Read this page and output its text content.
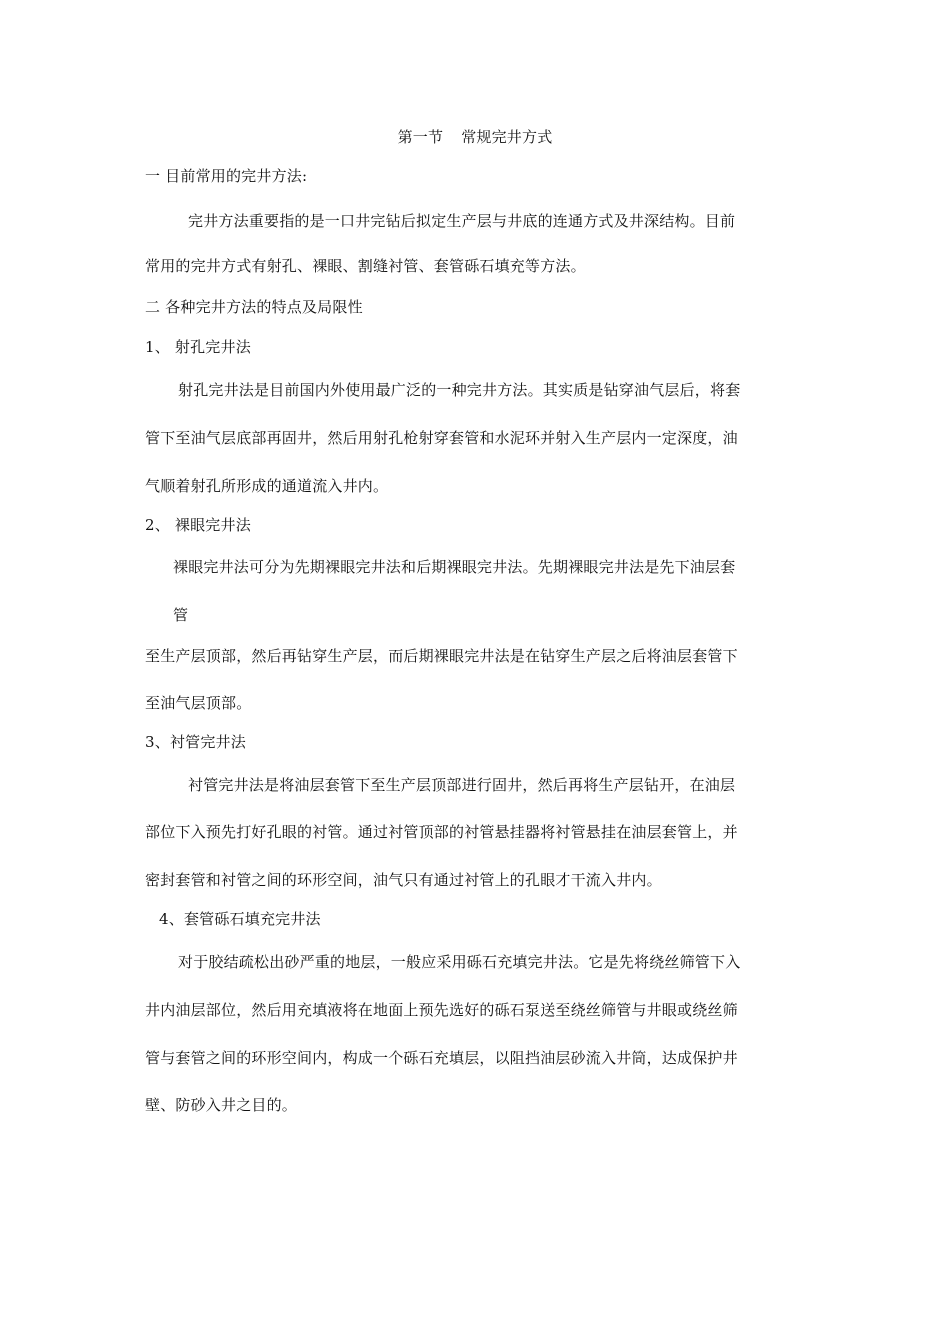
第一节 常规完井方式
一 目前常用的完井方法:
完井方法重要指的是一口井完钻后拟定生产层与井底的连通方式及井深结构。目前
常用的完井方式有射孔、裸眼、割缝衬管、套管砾石填充等方法。
二 各种完井方法的特点及局限性
1、 射孔完井法
射孔完井法是目前国内外使用最广泛的一种完井方法。其实质是钻穿油气层后，将套
管下至油气层底部再固井，然后用射孔枪射穿套管和水泥环并射入生产层内一定深度，油
气顺着射孔所形成的通道流入井内。
2、 裸眼完井法
裸眼完井法可分为先期裸眼完井法和后期裸眼完井法。先期裸眼完井法是先下油层套
管
至生产层顶部，然后再钻穿生产层，而后期裸眼完井法是在钻穿生产层之后将油层套管下
至油气层顶部。
3、衬管完井法
衬管完井法是将油层套管下至生产层顶部进行固井，然后再将生产层钻开，在油层
部位下入预先打好孔眼的衬管。通过衬管顶部的衬管悬挂器将衬管悬挂在油层套管上，并
密封套管和衬管之间的环形空间，油气只有通过衬管上的孔眼才干流入井内。
4、套管砾石填充完井法
对于胶结疏松出砂严重的地层，一般应采用砾石充填完井法。它是先将绕丝筛管下入
井内油层部位，然后用充填液将在地面上预先选好的砾石泵送至绕丝筛管与井眼或绕丝筛
管与套管之间的环形空间内，构成一个砾石充填层，以阻挡油层砂流入井筒，达成保护井
壁、防砂入井之目的。
